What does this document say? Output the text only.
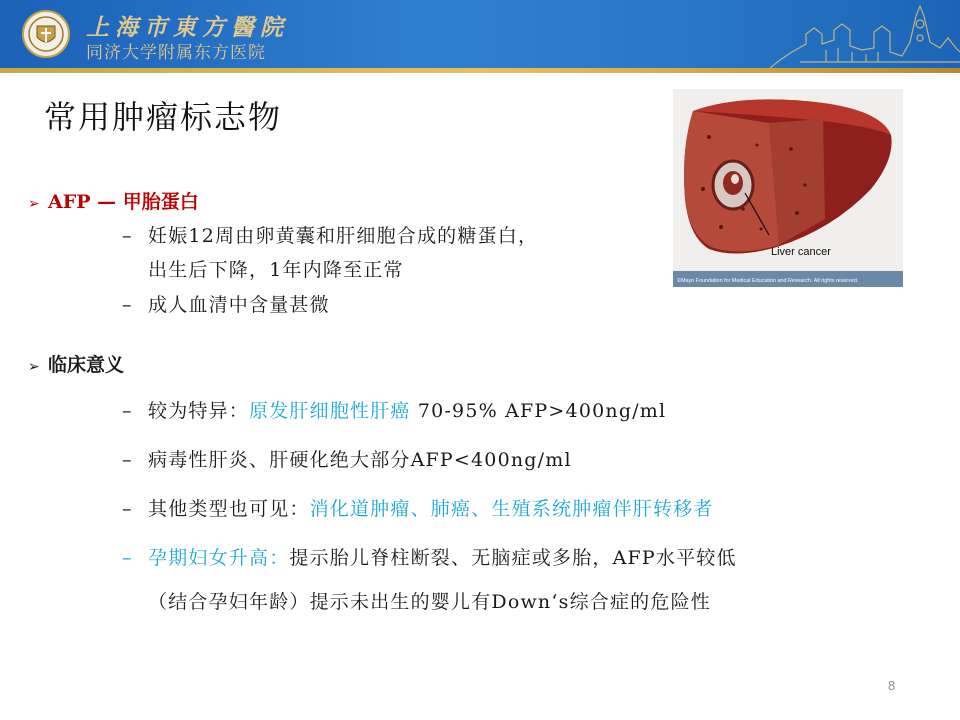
上海市東方醫院
同济大学附属东方医院
常用肿瘤标志物
Liver cancer
©Mayo Foundation for Medical Education and Research. All rights reserved.
➢ AFP — 甲胎蛋白
– 妊娠12周由卵黄囊和肝细胞合成的糖蛋白，
出生后下降，1年内降至正常
– 成人血清中含量甚微
➢ 临床意义
– 较为特异：原发肝细胞性肝癌 70-95% AFP>400ng/ml
– 病毒性肝炎、肝硬化绝大部分AFP<400ng/ml
– 其他类型也可见：消化道肿瘤、肺癌、生殖系统肿瘤伴肝转移者
– 孕期妇女升高：提示胎儿脊柱断裂、无脑症或多胎，AFP水平较低
（结合孕妇年龄）提示未出生的婴儿有Down‘s综合症的危险性
8
